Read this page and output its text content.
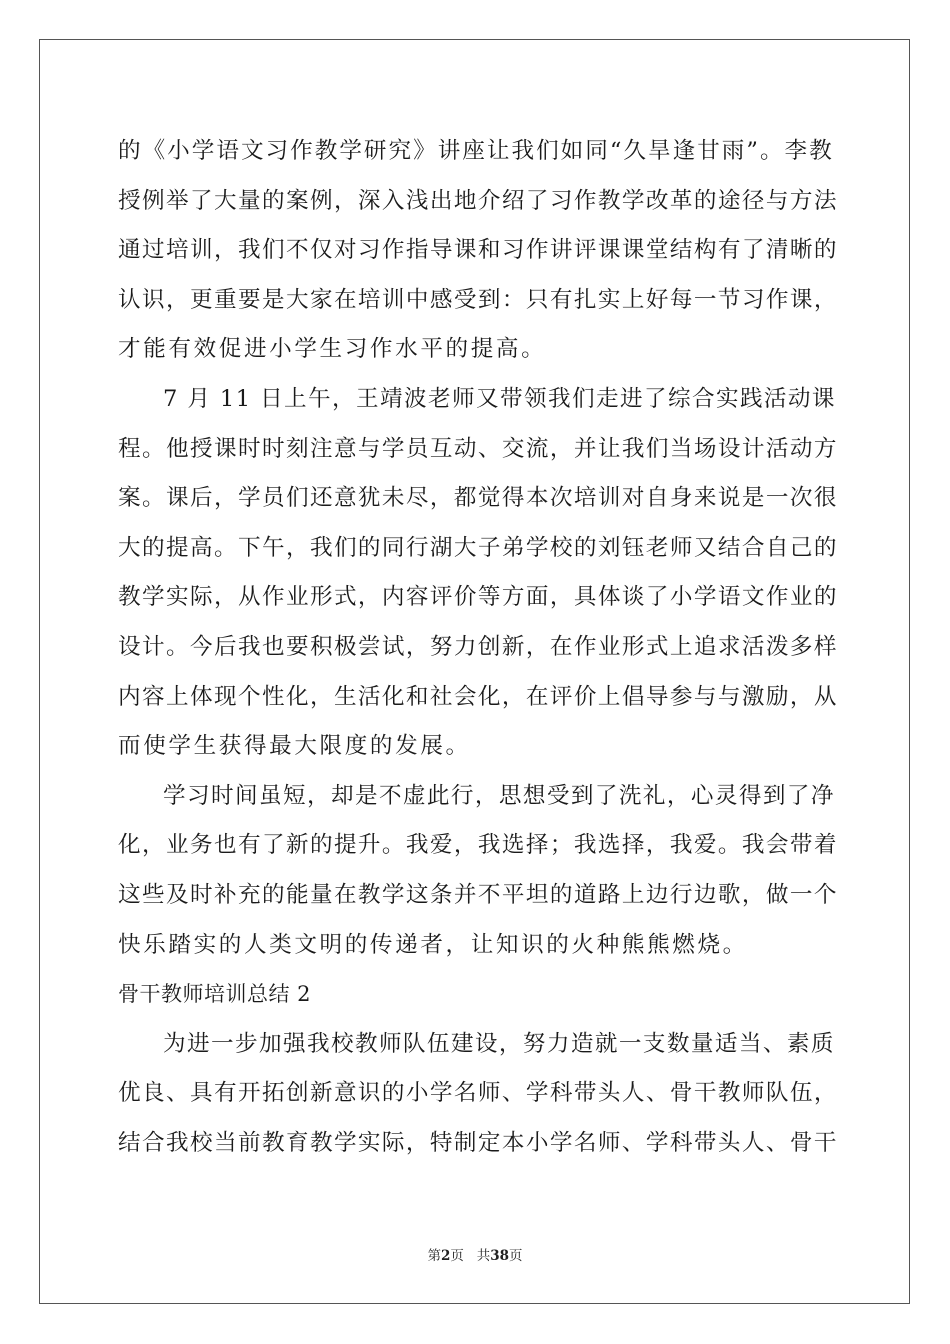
的《小学语文习作教学研究》讲座让我们如同“久旱逢甘雨”。李教
授例举了大量的案例，深入浅出地介绍了习作教学改革的途径与方法
通过培训，我们不仅对习作指导课和习作讲评课课堂结构有了清晰的
认识，更重要是大家在培训中感受到：只有扎实上好每一节习作课，
才能有效促进小学生习作水平的提高。
7 月 11 日上午，王靖波老师又带领我们走进了综合实践活动课
程。他授课时时刻注意与学员互动、交流，并让我们当场设计活动方
案。课后，学员们还意犹未尽，都觉得本次培训对自身来说是一次很
大的提高。下午，我们的同行湖大子弟学校的刘钰老师又结合自己的
教学实际，从作业形式，内容评价等方面，具体谈了小学语文作业的
设计。今后我也要积极尝试，努力创新，在作业形式上追求活泼多样
内容上体现个性化，生活化和社会化，在评价上倡导参与与激励，从
而使学生获得最大限度的发展。
学习时间虽短，却是不虚此行，思想受到了洗礼，心灵得到了净
化，业务也有了新的提升。我爱，我选择；我选择，我爱。我会带着
这些及时补充的能量在教学这条并不平坦的道路上边行边歌，做一个
快乐踏实的人类文明的传递者，让知识的火种熊熊燃烧。
骨干教师培训总结 2
为进一步加强我校教师队伍建设，努力造就一支数量适当、素质
优良、具有开拓创新意识的小学名师、学科带头人、骨干教师队伍，
结合我校当前教育教学实际，特制定本小学名师、学科带头人、骨干
第2页 共38页
